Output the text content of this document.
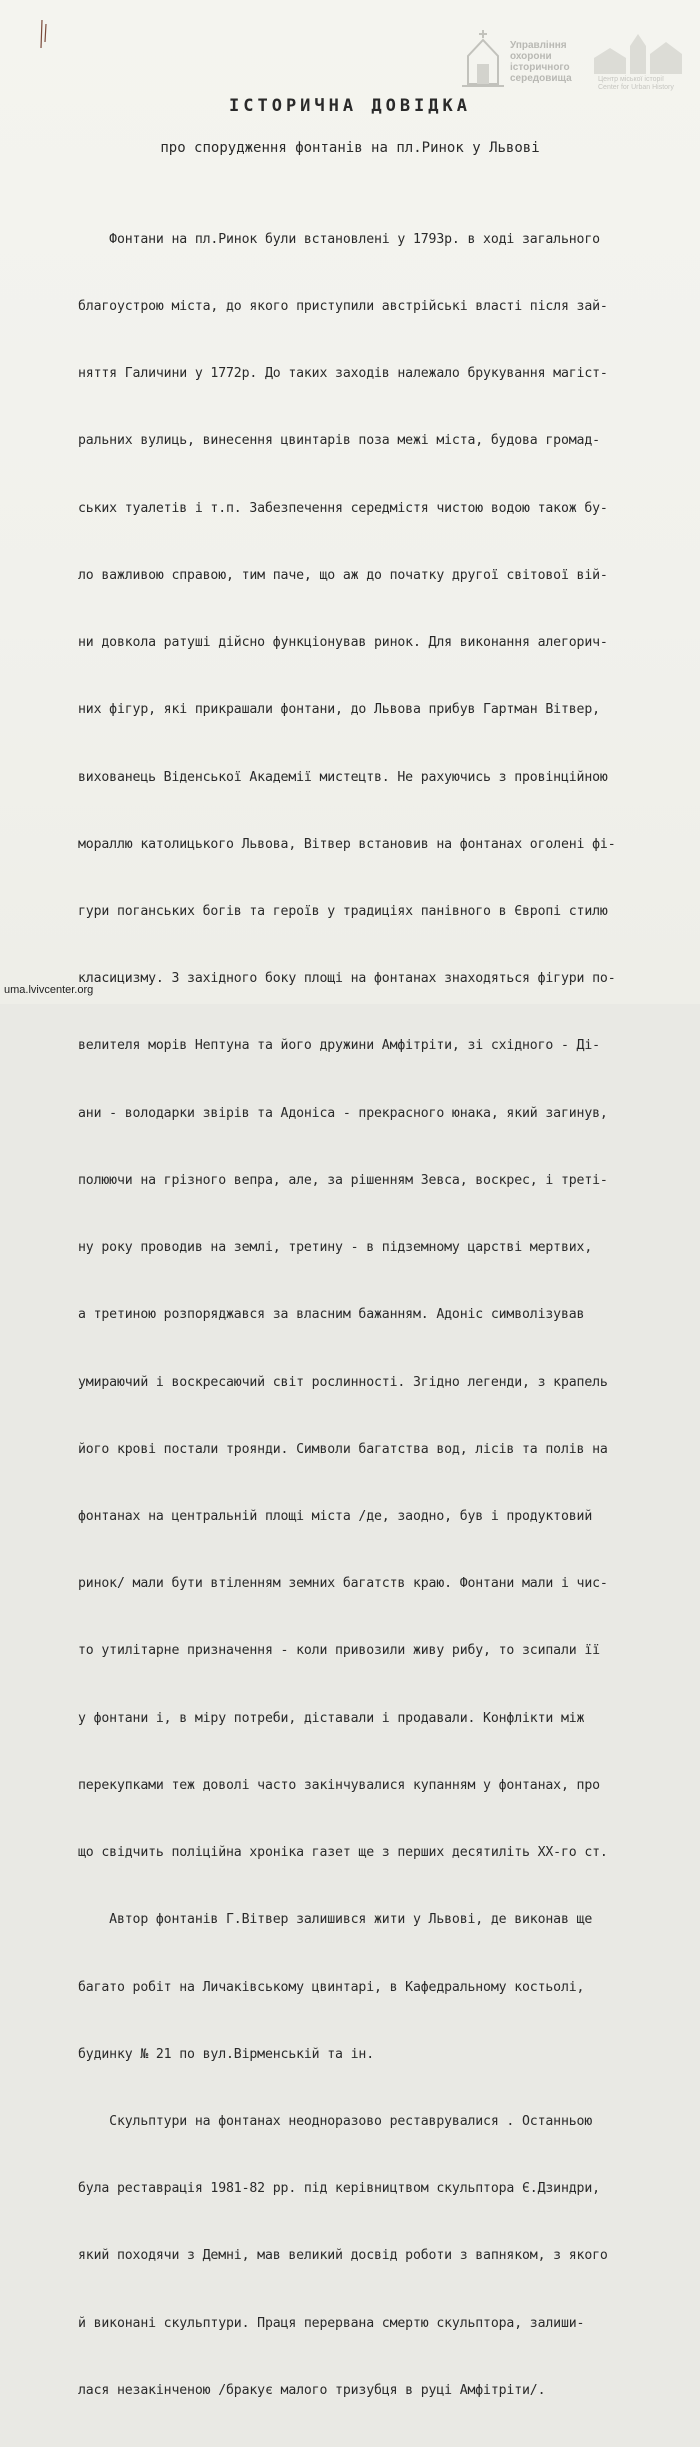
Управління
охорони
історичного
середовища	Центр міської історії
Center for Urban History
ІСТОРИЧНА ДОВІДКА
про спорудження фонтанів на пл.Ринок у Львові

Фонтани на пл.Ринок були встановлені у 1793р. в ході загального

благоустрою міста, до якого приступили австрійські власті після зай-

няття Галичини у 1772р. До таких заходів належало брукування магіст-

ральних вулиць, винесення цвинтарів поза межі міста, будова громад-

ських туалетів і т.п. Забезпечення середмістя чистою водою також бу-

ло важливою справою, тим паче, що аж до початку другої світової вій-

ни довкола ратуші дійсно функціонував ринок. Для виконання алегорич-

них фігур, які прикрашали фонтани, до Львова прибув Гартман Вітвер,

вихованець Віденської Академії мистецтв. Не рахуючись з провінційною

мораллю католицького Львова, Вітвер встановив на фонтанах оголені фі-

гури поганських богів та героїв у традиціях панівного в Європі стилю

класицизму. З західного боку площі на фонтанах знаходяться фігури по-

велителя морів Нептуна та його дружини Амфітріти, зі східного - Ді-

ани - володарки звірів та Адоніса - прекрасного юнака, який загинув,

полюючи на грізного вепра, але, за рішенням Зевса, воскрес, і треті-

ну року проводив на землі, третину - в підземному царстві мертвих,

а третиною розпоряджався за власним бажанням. Адоніс символізував

умираючий і воскресаючий світ рослинності. Згідно легенди, з крапель

його крові постали троянди. Символи багатства вод, лісів та полів на

фонтанах на центральній площі міста /де, заодно, був і продуктовий

ринок/ мали бути втіленням земних багатств краю. Фонтани мали і чис-

то утилітарне призначення - коли привозили живу рибу, то зсипали її

у фонтани і, в міру потреби, діставали і продавали. Конфлікти між

перекупками теж доволі часто закінчувалися купанням у фонтанах, про

що свідчить поліційна хроніка газет ще з перших десятиліть XX-го ст.

Автор фонтанів Г.Вітвер залишився жити у Львові, де виконав ще

багато робіт на Личаківському цвинтарі, в Кафедральному костьолі,

будинку № 21 по вул.Вірменській та ін.

Скульптури на фонтанах неодноразово реставрувалися . Останньою

була реставрація 1981-82 рр. під керівництвом скульптора Є.Дзиндри,

який походячи з Демні, мав великий досвід роботи з вапняком, з якого

й виконані скульптури. Праця перервана смертю скульптора, залиши-

лася незакінченою /бракує малого тризубця в руці Амфітріти/.

uma.lvivcenter.org
